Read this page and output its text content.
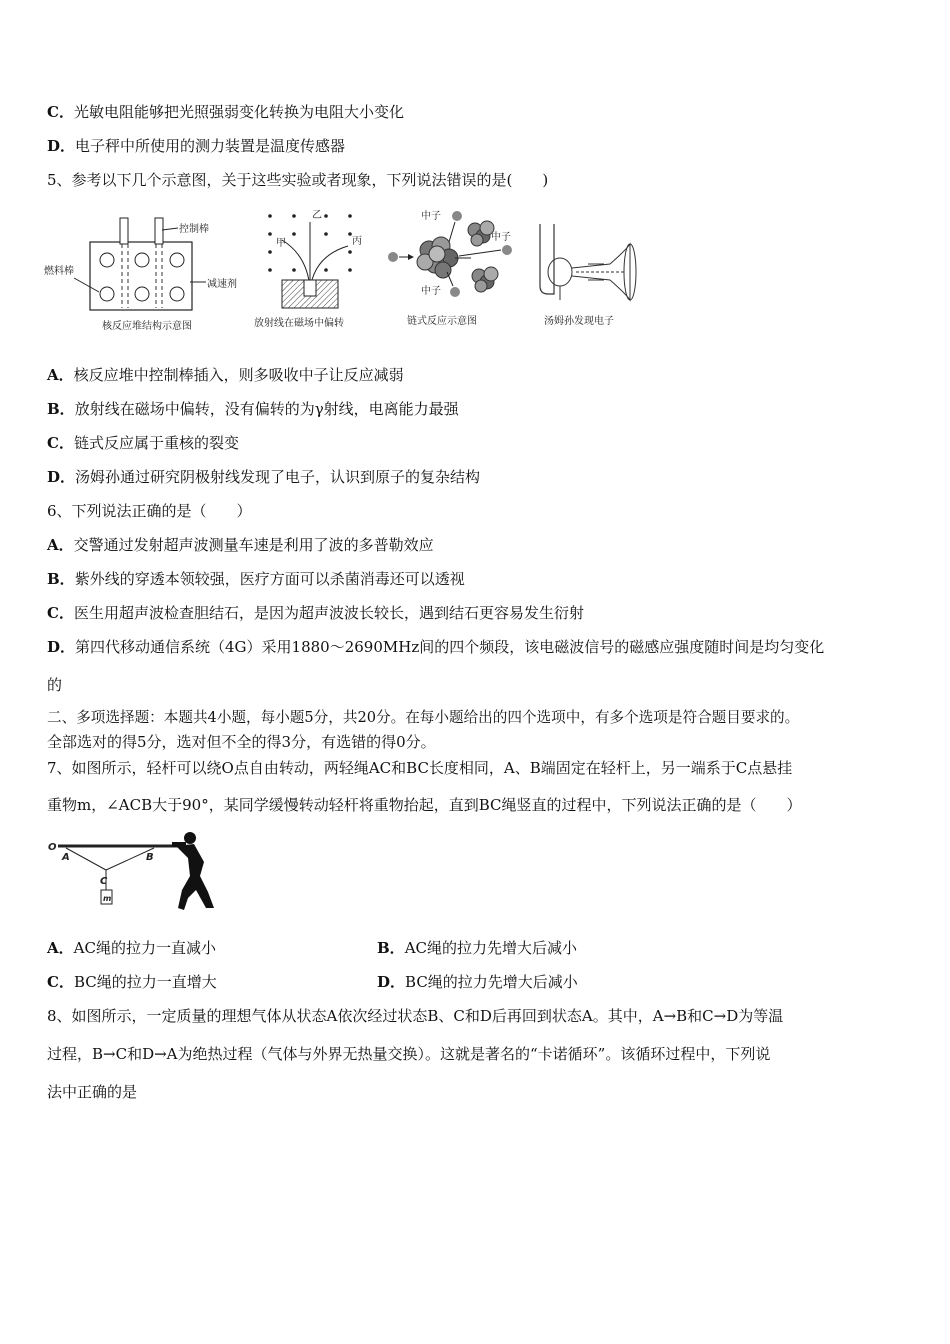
C．光敏电阻能够把光照强弱变化转换为电阻大小变化
D．电子秤中所使用的测力装置是温度传感器
5、参考以下几个示意图，关于这些实验或者现象，下列说法错误的是(　　)
控制棒
燃料棒
减速剂
核反应堆结构示意图
乙
甲	丙
放射线在磁场中偏转
中子
中子
中子
链式反应示意图	汤姆孙发现电子
A．核反应堆中控制棒插入，则多吸收中子让反应减弱
B．放射线在磁场中偏转，没有偏转的为γ射线，电离能力最强
C．链式反应属于重核的裂变
D．汤姆孙通过研究阴极射线发现了电子，认识到原子的复杂结构
6、下列说法正确的是（　　）
A．交警通过发射超声波测量车速是利用了波的多普勒效应
B．紫外线的穿透本领较强，医疗方面可以杀菌消毒还可以透视
C．医生用超声波检查胆结石，是因为超声波波长较长，遇到结石更容易发生衍射
D．第四代移动通信系统（4G）采用1880～2690MHz间的四个频段，该电磁波信号的磁感应强度随时间是均匀变化
的
二、多项选择题：本题共4小题，每小题5分，共20分。在每小题给出的四个选项中，有多个选项是符合题目要求的。
全部选对的得5分，选对但不全的得3分，有选错的得0分。
7、如图所示，轻杆可以绕O点自由转动，两轻绳AC和BC长度相同，A、B端固定在轻杆上，另一端系于C点悬挂
重物m，∠ACB大于90°，某同学缓慢转动轻杆将重物抬起，直到BC绳竖直的过程中，下列说法正确的是（　　）
O
A	B
C
m
A．AC绳的拉力一直减小	B．AC绳的拉力先增大后减小
C．BC绳的拉力一直增大	D．BC绳的拉力先增大后减小
8、如图所示，一定质量的理想气体从状态A依次经过状态B、C和D后再回到状态A。其中，A→B和C→D为等温
过程，B→C和D→A为绝热过程（气体与外界无热量交换）。这就是著名的“卡诺循环”。该循环过程中，下列说
法中正确的是
